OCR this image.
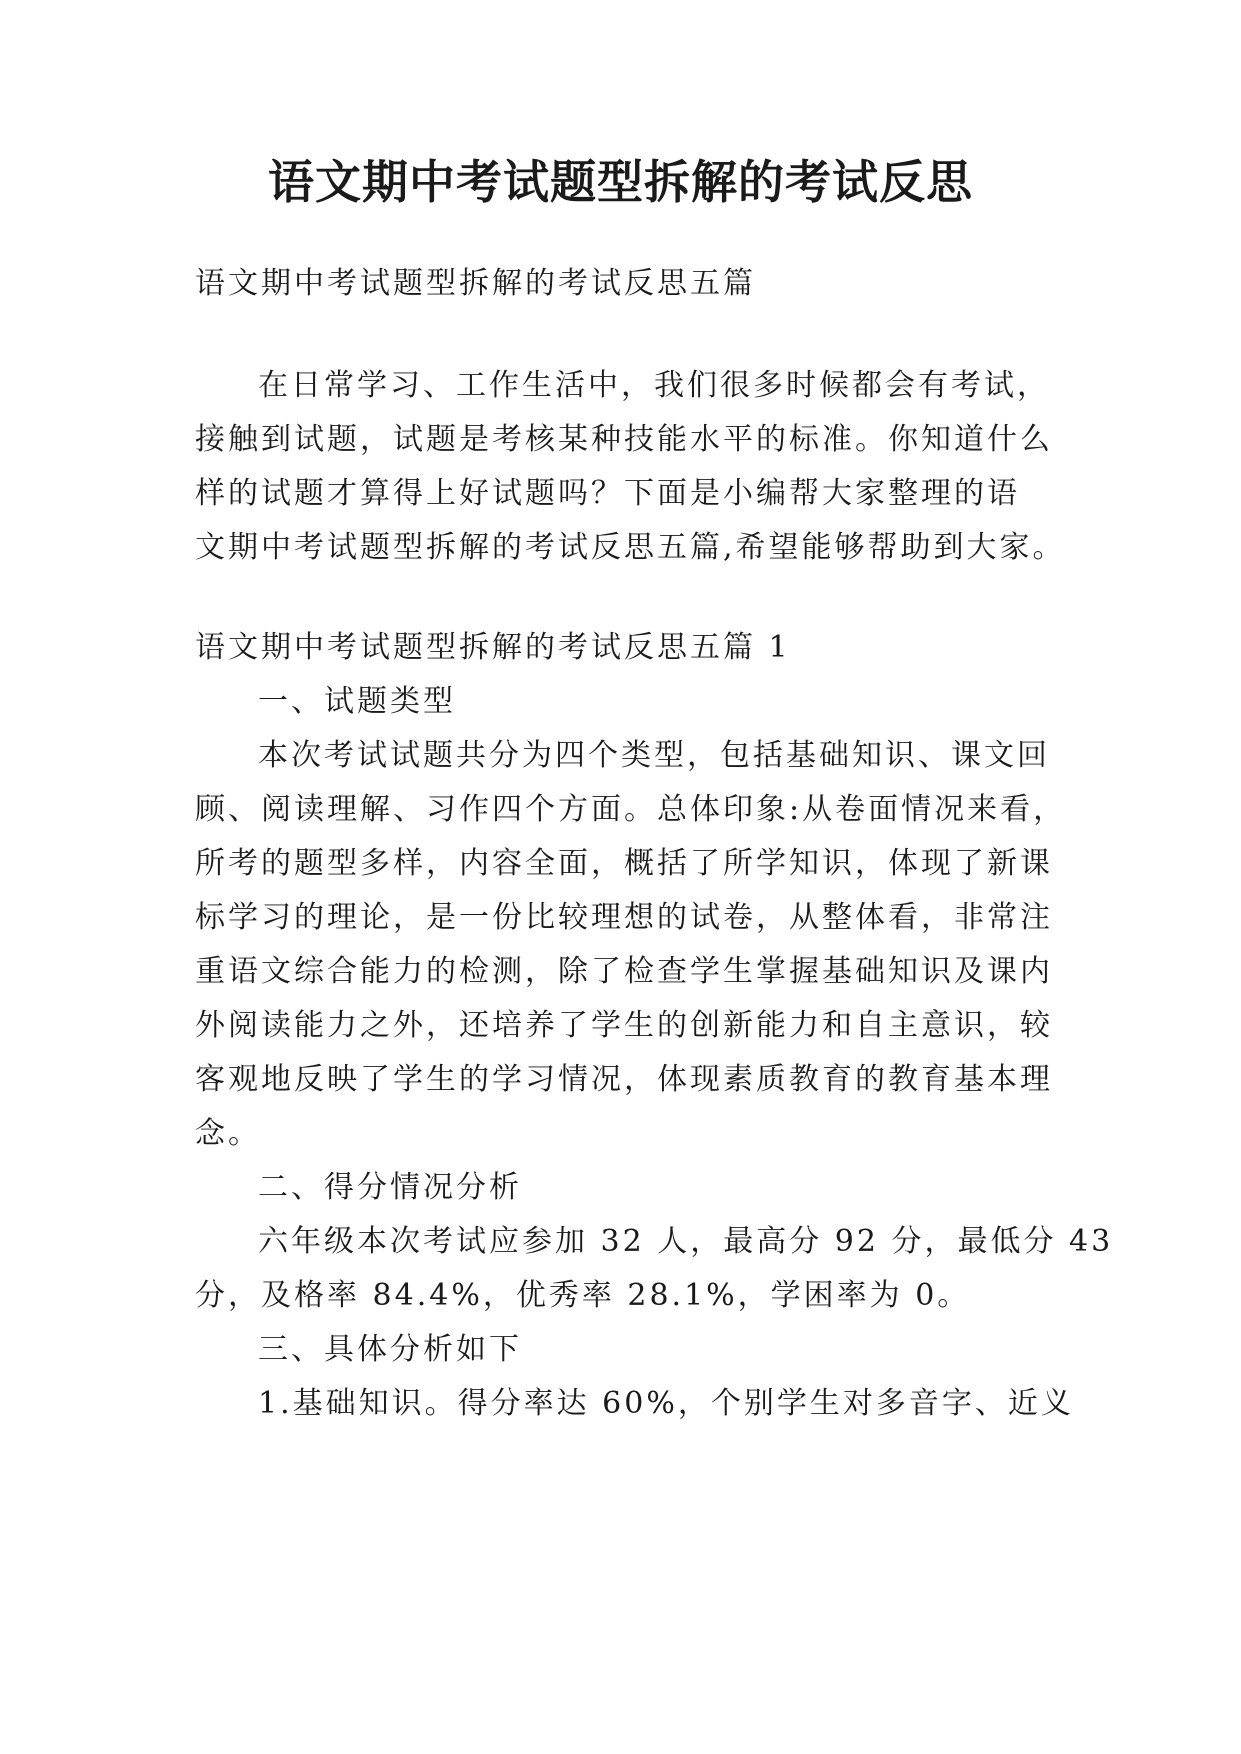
语文期中考试题型拆解的考试反思
语文期中考试题型拆解的考试反思五篇
在日常学习、工作生活中，我们很多时候都会有考试，
接触到试题，试题是考核某种技能水平的标准。你知道什么
样的试题才算得上好试题吗？下面是小编帮大家整理的语
文期中考试题型拆解的考试反思五篇,希望能够帮助到大家。
语文期中考试题型拆解的考试反思五篇 1
一、试题类型
本次考试试题共分为四个类型，包括基础知识、课文回
顾、阅读理解、习作四个方面。总体印象:从卷面情况来看，
所考的题型多样，内容全面，概括了所学知识，体现了新课
标学习的理论，是一份比较理想的试卷，从整体看，非常注
重语文综合能力的检测，除了检查学生掌握基础知识及课内
外阅读能力之外，还培养了学生的创新能力和自主意识，较
客观地反映了学生的学习情况，体现素质教育的教育基本理
念。
二、得分情况分析
六年级本次考试应参加 32 人，最高分 92 分，最低分 43
分，及格率 84.4%，优秀率 28.1%，学困率为 0。
三、具体分析如下
1.基础知识。得分率达 60%，个别学生对多音字、近义
